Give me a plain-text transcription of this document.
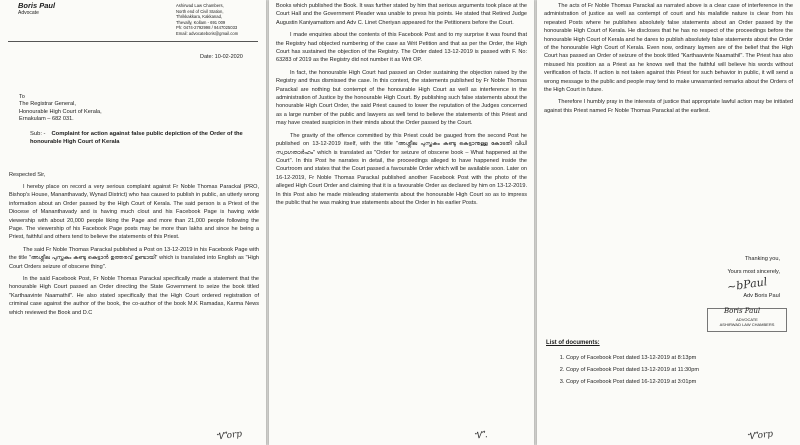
Boris Paul
Advocate
Ashirwad Law Chambers,
North end of Civil Station,
Thrikkakkara, Kakkanad,
Thevally, Kollam - 691 009
Ph: 0474-2792998 / 9447025033
Email: advocateboris@gmail.com
Date: 10-02-2020
To
The Registrar General,
Honourable High Court of Kerala,
Ernakulam – 682 031.
Sub: - Complaint for action against false public depiction of the Order of the honourable High Court of Kerala
Respected Sir,

I hereby place on record a very serious complaint against Fr Noble Thomas Parackal (PRO, Bishop's House, Mananthavady, Wynad District) who has caused to publish in public, an utterly wrong information about an Order passed by the High Court of Kerala. The said person is a Priest of the Diocese of Mananthavady and is having much clout and his Facebook Page is having wide viewership with about 20,000 people liking the Page and more than 21,000 people following the Page. The viewership of his Facebook Page posts may be more than lakhs and since he being a Priest, faithful and others tend to believe the statements of this Priest.

The said Fr Noble Thomas Parackal published a Post on 13-12-2019 in his Facebook Page with the title "അശ്ലീല പുസ്തകം കണ്ടു കെട്ടാൻ ഉത്തരവ്‌ ഉണ്ടായി" which is translated into English as "High Court Orders seizure of obscene thing".

In the said Facebook Post, Fr Noble Thomas Parackal specifically made a statement that the honourable High Court passed an Order directing the State Government to seize the book titled "Karthaavinte Naamathil". He also stated specifically that the High Court ordered registration of criminal case against the author of the book, the co-author of the book M.K Ramadas, Karma News which reviewed the Book and D.C

Ꮙorp

Books which published the Book. It was further stated by him that serious arguments took place at the Court Hall and the Government Pleader was unable to press his points. He stated that Retired Judge Augustin Kaniyamattom and Adv C. Linet Cheriyan appeared for the Petitioners before the Court.

I made enquiries about the contents of this Facebook Post and to my surprise it was found that the Registry had objected numbering of the case as Writ Petition and that as per the Order, the High Court has sustained the objection of the Registry. The Order dated 13-12-2019 is passed with F. No: 63283 of 2019 as the Registry did not number it as Writ OP.

In fact, the honourable High Court had passed an Order sustaining the objection raised by the Registry and thus dismissed the case. In this context, the statements published by Fr Noble Thomas Parackal are nothing but contempt of the honourable High Court as well as interference in the administration of Justice by the honourable High Court. By publishing such false statements about the honourable High Court Order, the said Priest caused to lower the reputation of the Judges concerned as a large number of the public and lawyers as well tend to believe the statements of this Priest and may have created suspicion in their minds about the Order passed by the Court.

The gravity of the offence committed by this Priest could be gauged from the second Post he published on 13-12-2019 itself, with the title "അശ്ലീല പുസ്തകം കണ്ടു കെട്ടാനുള്ള കോടതി വിധി സ്വാഗതാർഹം" which is translated as "Order for seizure of obscene book – What happened at the Court". In this Post he narrates in detail, the proceedings alleged to have happened inside the Courtroom and states that the Court passed a favourable Order which will be available soon. Later on 16-12-2019, Fr Noble Thomas Parackal published another Facebook Post with the photo of the alleged High Court Order and claiming that it is a favourable Order as declared by him on 13-12-2019. In this Post also he made misleading statements about the honourable High Court so as to impress the public that he was making true statements about the Order in his earlier Posts.

Ꮙ.

The acts of Fr Noble Thomas Parackal as narrated above is a clear case of interference in the administration of justice as well as contempt of court and his malafide nature is clear from his repeated Posts where he publishes absolutely false statements about an Order passed by the honourable High Court of Kerala. He discloses that he has no respect of the proceedings before the honourable High Court of Kerala and he dares to publish absolutely false statements about the Order of the honourable High Court of Kerala. Even now, ordinary laymen are of the belief that the High Court has passed an Order of seizure of the book titled "Karthaavinte Naamathil". The Priest has also misused his position as a Priest as he knows well that the faithful will believe his words without verification of facts. If action is not taken against this Priest for such behavior in public, it will send a wrong message to the public and people may tend to make unwarranted remarks about the Orders of the High Court in future.

Therefore I humbly pray in the interests of justice that appropriate lawful action may be initiated against this Priest named Fr Noble Thomas Parackal at the earliest.

Thanking you,
Yours most sincerely,
~bPaul
Adv Boris Paul
Boris Paul
ADVOCATE
ASHIRWAD LAW CHAMBERS
List of documents:
1. Copy of Facebook Post dated 13-12-2019 at 8:13pm
2. Copy of Facebook Post dated 13-12-2019 at 11:30pm
3. Copy of Facebook Post dated 16-12-2019 at 3:01pm
Ꮙorp
